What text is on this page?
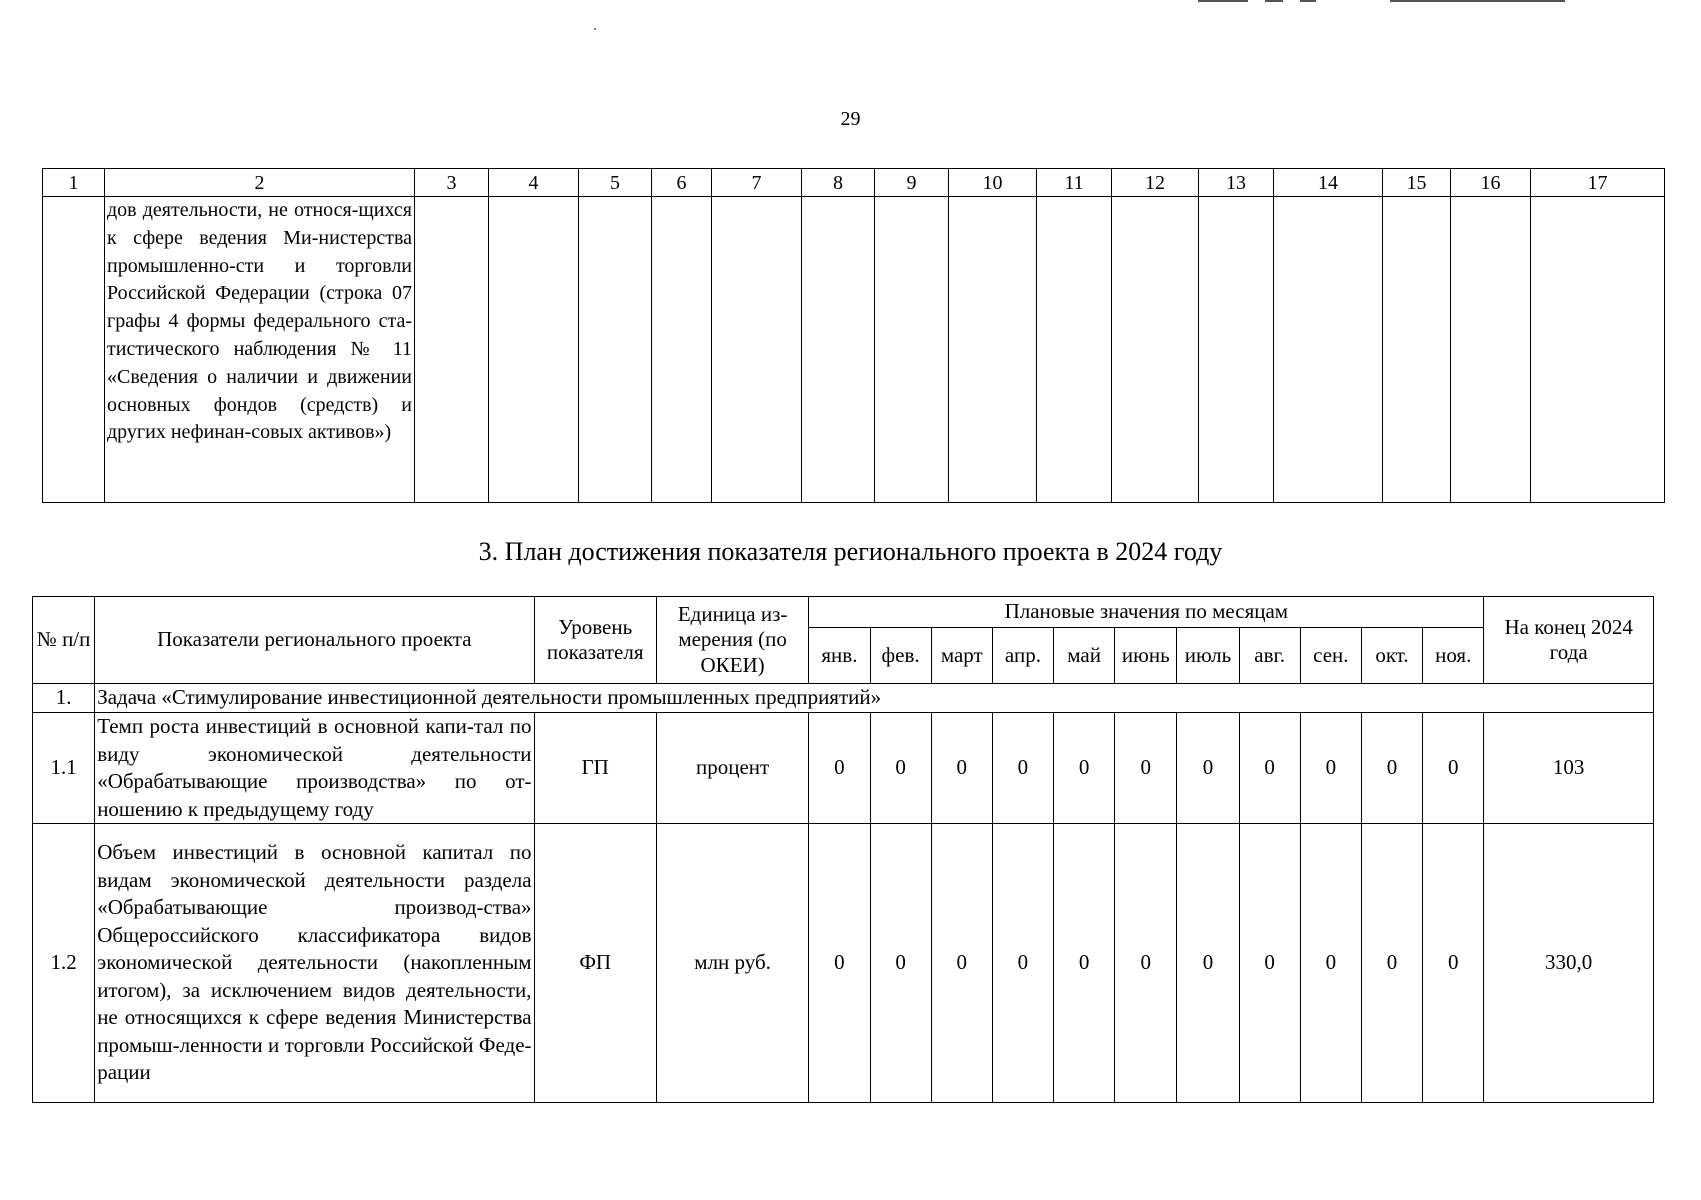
29
1	2	3	4	5	6	7	8	9	10	11	12	13	14	15	16	17

	дов деятельности, не относя-щихся к сфере ведения Ми-нистерства промышленно-сти и торговли Российской Федерации (строка 07 графы 4 формы федерального ста-тистического наблюдения № 11 «Сведения о наличии и движении основных фондов (средств) и других нефинан-совых активов»)															

3. План достижения показателя регионального проекта в 2024 году
№ п/п	Показатели регионального проекта	Уровень показателя	Единица из-мерения (по ОКЕИ)	Плановые значения по месяцам											На конец 2024 года
				янв.	фев.	март	апр.	май	июнь	июль	авг.	сен.	окт.	ноя.	
1.	Задача «Стимулирование инвестиционной деятельности промышленных предприятий»														
1.1	Темп роста инвестиций в основной капи-тал по виду экономической деятельности «Обрабатывающие производства» по от-ношению к предыдущему году	ГП	процент	0	0	0	0	0	0	0	0	0	0	0	103
1.2	Объем инвестиций в основной капитал по видам экономической деятельности раздела «Обрабатывающие производ-ства» Общероссийского классификатора видов экономической деятельности (накопленным итогом), за исключением видов деятельности, не относящихся к сфере ведения Министерства промыш-ленности и торговли Российской Феде-рации	ФП	млн руб.	0	0	0	0	0	0	0	0	0	0	0	330,0
